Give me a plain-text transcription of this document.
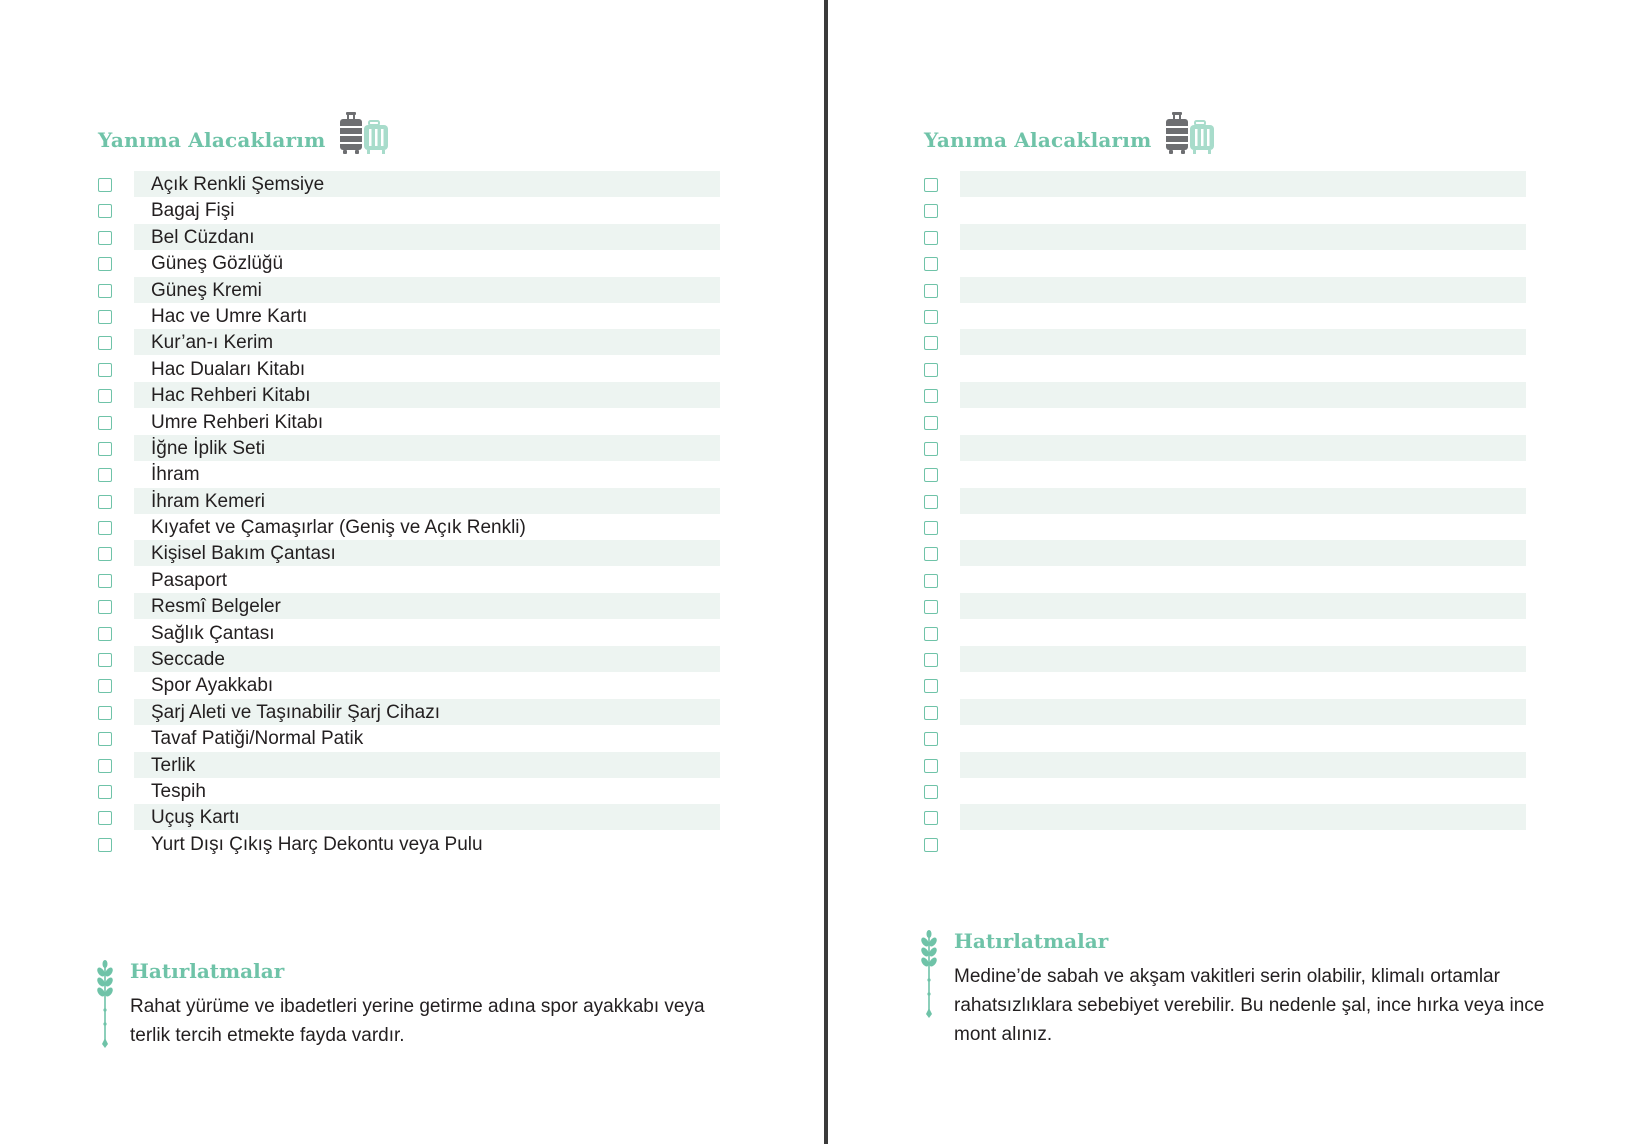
Yanıma Alacaklarım
Açık Renkli Şemsiye
Bagaj Fişi
Bel Cüzdanı
Güneş Gözlüğü
Güneş Kremi
Hac ve Umre Kartı
Kur’an-ı Kerim
Hac Duaları Kitabı
Hac Rehberi Kitabı
Umre Rehberi Kitabı
İğne İplik Seti
İhram
İhram Kemeri
Kıyafet ve Çamaşırlar (Geniş ve Açık Renkli)
Kişisel Bakım Çantası
Pasaport
Resmî Belgeler
Sağlık Çantası
Seccade
Spor Ayakkabı
Şarj Aleti ve Taşınabilir Şarj Cihazı
Tavaf Patiği/Normal Patik
Terlik
Tespih
Uçuş Kartı
Yurt Dışı Çıkış Harç Dekontu veya Pulu
Hatırlatmalar
Rahat yürüme ve ibadetleri yerine getirme adına spor ayakkabı veya terlik tercih etmekte fayda vardır.
Yanıma Alacaklarım
Hatırlatmalar
Medine’de sabah ve akşam vakitleri serin olabilir, klimalı ortamlar rahatsızlıklara sebebiyet verebilir. Bu nedenle şal, ince hırka veya ince mont alınız.
